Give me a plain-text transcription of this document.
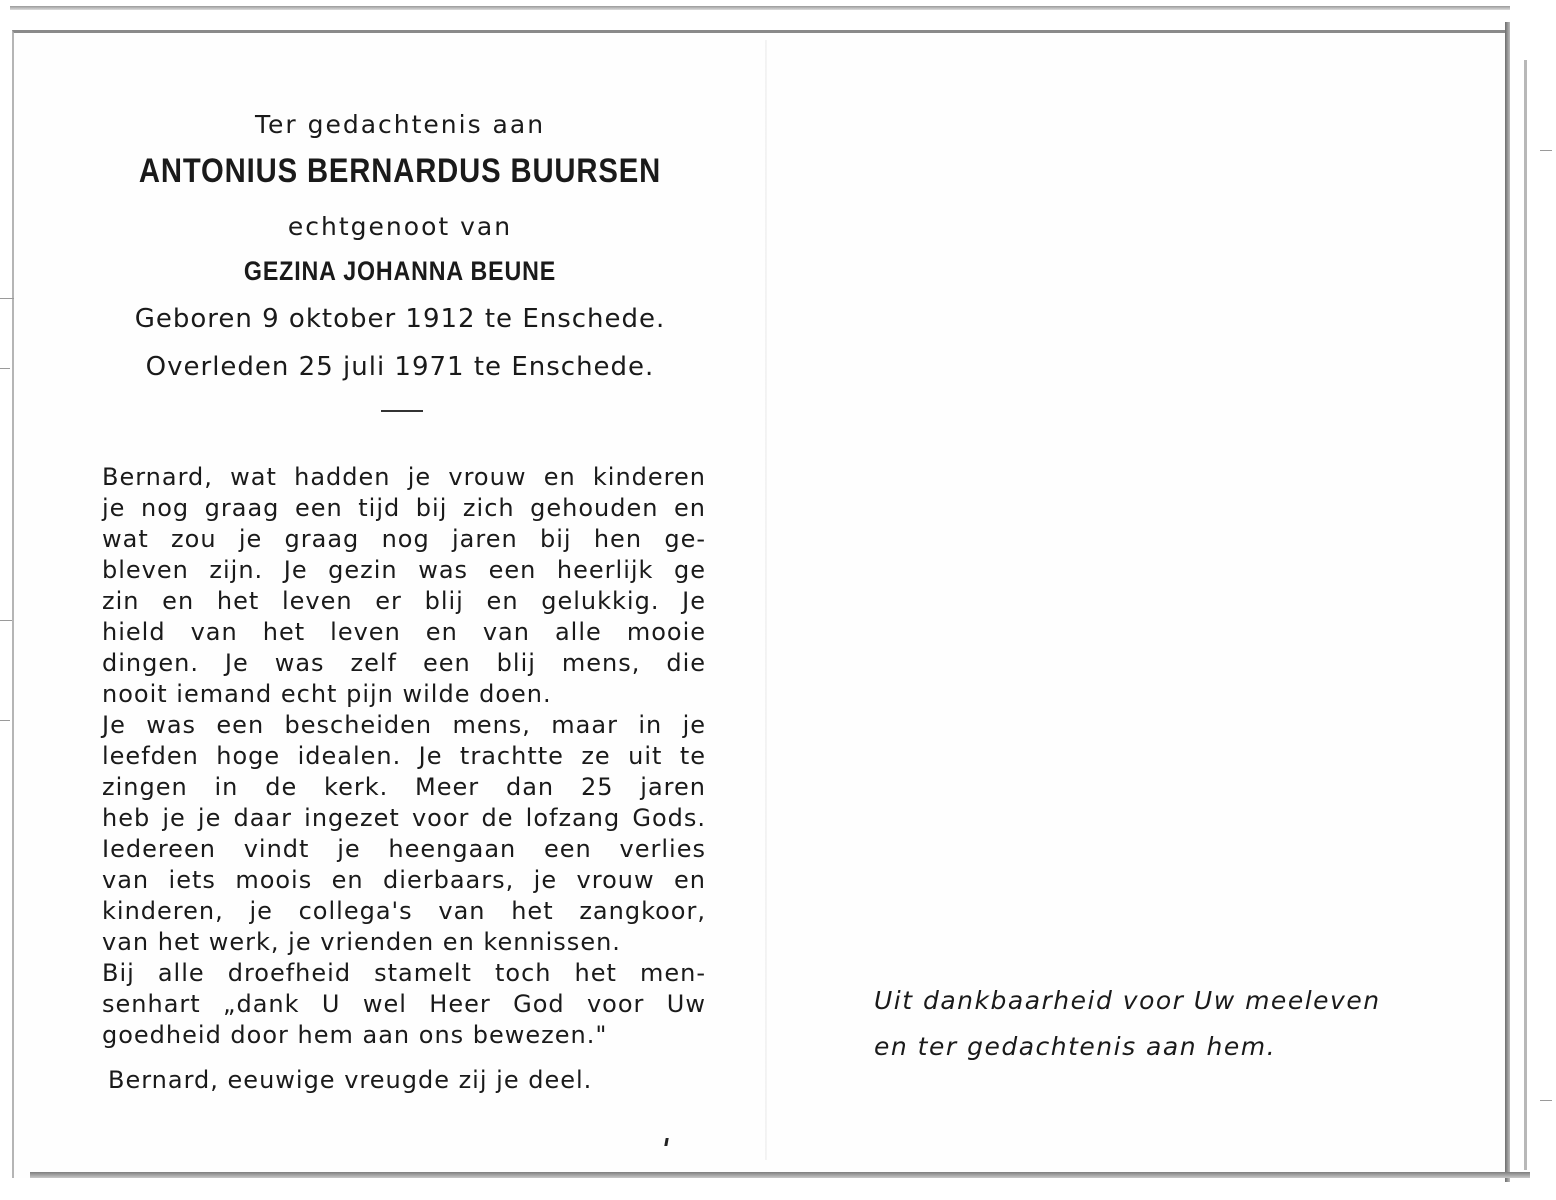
Ter gedachtenis aan
ANTONIUS BERNARDUS BUURSEN
echtgenoot van
GEZINA JOHANNA BEUNE
Geboren 9 oktober 1912 te Enschede.
Overleden 25 juli 1971 te Enschede.
Bernard, wat hadden je vrouw en kinderen
je nog graag een tijd bij zich gehouden en
wat zou je graag nog jaren bij hen ge-
bleven zijn. Je gezin was een heerlijk ge
zin en het leven er blij en gelukkig. Je
hield van het leven en van alle mooie
dingen. Je was zelf een blij mens, die
nooit iemand echt pijn wilde doen.
Je was een bescheiden mens, maar in je
leefden hoge idealen. Je trachtte ze uit te
zingen in de kerk. Meer dan 25 jaren
heb je je daar ingezet voor de lofzang Gods.
Iedereen vindt je heengaan een verlies
van iets moois en dierbaars, je vrouw en
kinderen, je collega's van het zangkoor,
van het werk, je vrienden en kennissen.
Bij alle droefheid stamelt toch het men-
senhart „dank U wel Heer God voor Uw
goedheid door hem aan ons bewezen."
Bernard, eeuwige vreugde zij je deel.
Uit dankbaarheid voor Uw meeleven
en ter gedachtenis aan hem.
